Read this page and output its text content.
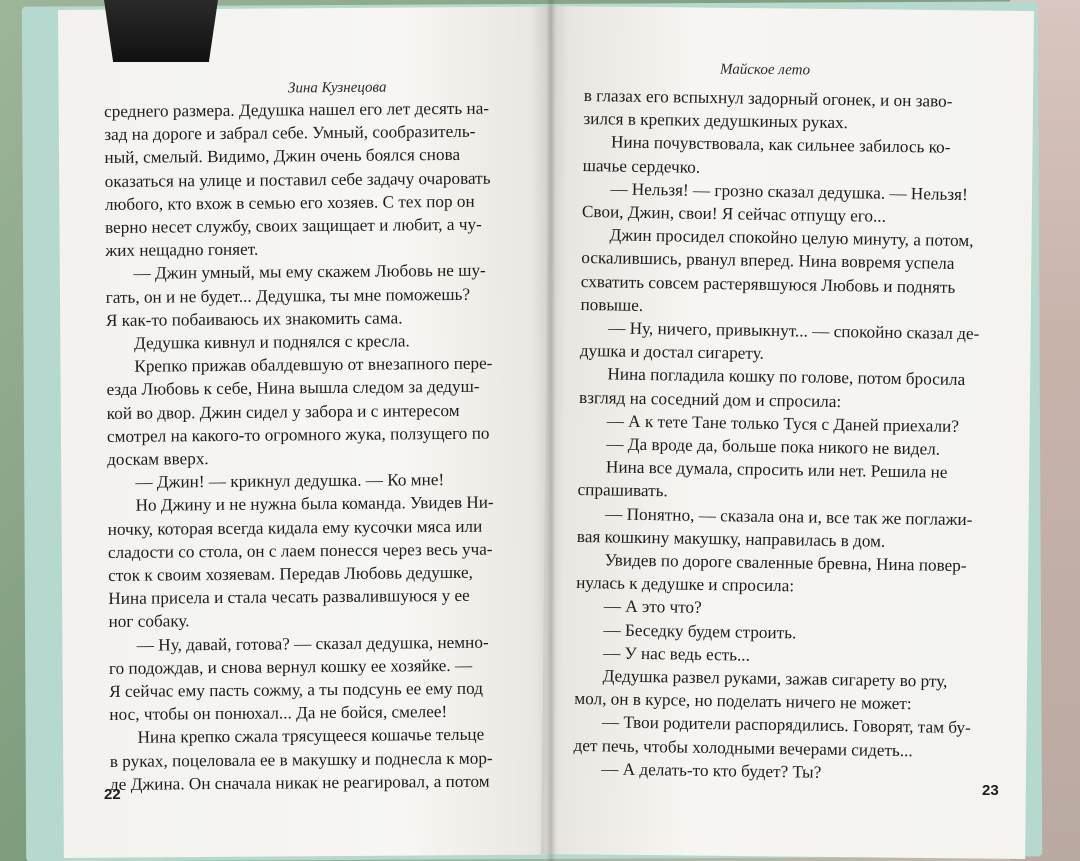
Зина Кузнецова
Майское лето
среднего размера. Дедушка нашел его лет десять на-
зад на дороге и забрал себе. Умный, сообразитель-
ный, смелый. Видимо, Джин очень боялся снова
оказаться на улице и поставил себе задачу очаровать
любого, кто вхож в семью его хозяев. С тех пор он
верно несет службу, своих защищает и любит, а чу-
жих нещадно гоняет.
— Джин умный, мы ему скажем Любовь не шу-
гать, он и не будет... Дедушка, ты мне поможешь?
Я как-то побаиваюсь их знакомить сама.
Дедушка кивнул и поднялся с кресла.
Крепко прижав обалдевшую от внезапного пере-
езда Любовь к себе, Нина вышла следом за дедуш-
кой во двор. Джин сидел у забора и с интересом
смотрел на какого-то огромного жука, ползущего по
доскам вверх.
— Джин! — крикнул дедушка. — Ко мне!
Но Джину и не нужна была команда. Увидев Ни-
ночку, которая всегда кидала ему кусочки мяса или
сладости со стола, он с лаем понесся через весь уча-
сток к своим хозяевам. Передав Любовь дедушке,
Нина присела и стала чесать развалившуюся у ее
ног собаку.
— Ну, давай, готова? — сказал дедушка, немно-
го подождав, и снова вернул кошку ее хозяйке. —
Я сейчас ему пасть сожму, а ты подсунь ее ему под
нос, чтобы он понюхал... Да не бойся, смелее!
Нина крепко сжала трясущееся кошачье тельце
в руках, поцеловала ее в макушку и поднесла к мор-
де Джина. Он сначала никак не реагировал, а потом
в глазах его вспыхнул задорный огонек, и он заво-
зился в крепких дедушкиных руках.
Нина почувствовала, как сильнее забилось ко-
шачье сердечко.
— Нельзя! — грозно сказал дедушка. — Нельзя!
Свои, Джин, свои! Я сейчас отпущу его...
Джин просидел спокойно целую минуту, а потом,
оскалившись, рванул вперед. Нина вовремя успела
схватить совсем растерявшуюся Любовь и поднять
повыше.
— Ну, ничего, привыкнут... — спокойно сказал де-
душка и достал сигарету.
Нина погладила кошку по голове, потом бросила
взгляд на соседний дом и спросила:
— А к тете Тане только Туся с Даней приехали?
— Да вроде да, больше пока никого не видел.
Нина все думала, спросить или нет. Решила не
спрашивать.
— Понятно, — сказала она и, все так же поглажи-
вая кошкину макушку, направилась в дом.
Увидев по дороге сваленные бревна, Нина повер-
нулась к дедушке и спросила:
— А это что?
— Беседку будем строить.
— У нас ведь есть...
Дедушка развел руками, зажав сигарету во рту,
мол, он в курсе, но поделать ничего не может:
— Твои родители распорядились. Говорят, там бу-
дет печь, чтобы холодными вечерами сидеть...
— А делать-то кто будет? Ты?
22	23
